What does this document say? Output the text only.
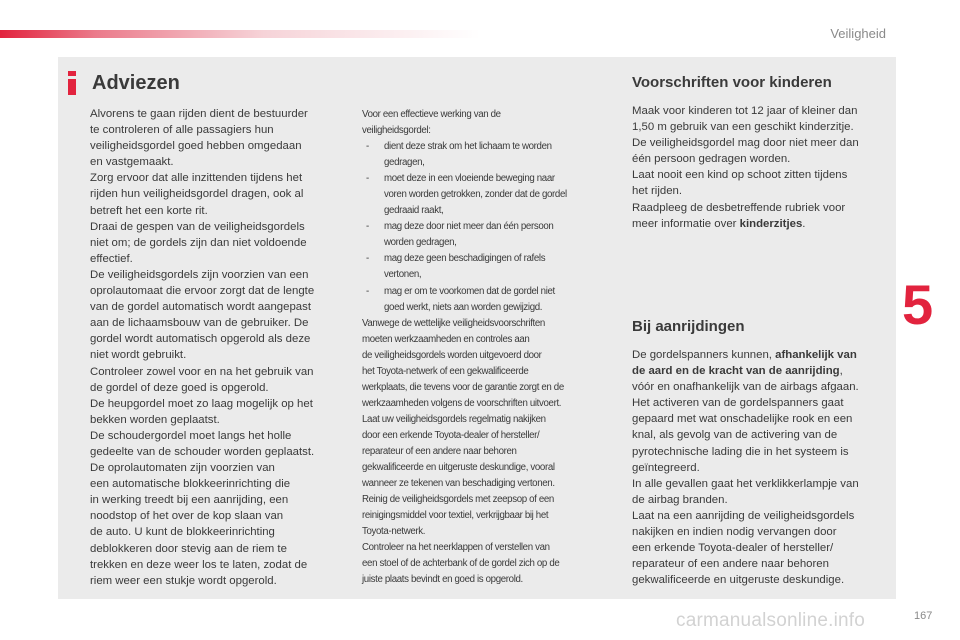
Veiligheid
Adviezen
Alvorens te gaan rijden dient de bestuurder
te controleren of alle passagiers hun
veiligheidsgordel goed hebben omgedaan
en vastgemaakt.
Zorg ervoor dat alle inzittenden tijdens het
rijden hun veiligheidsgordel dragen, ook al
betreft het een korte rit.
Draai de gespen van de veiligheidsgordels
niet om; de gordels zijn dan niet voldoende
effectief.
De veiligheidsgordels zijn voorzien van een
oprolautomaat die ervoor zorgt dat de lengte
van de gordel automatisch wordt aangepast
aan de lichaamsbouw van de gebruiker. De
gordel wordt automatisch opgerold als deze
niet wordt gebruikt.
Controleer zowel voor en na het gebruik van
de gordel of deze goed is opgerold.
De heupgordel moet zo laag mogelijk op het
bekken worden geplaatst.
De schoudergordel moet langs het holle
gedeelte van de schouder worden geplaatst.
De oprolautomaten zijn voorzien van
een automatische blokkeerinrichting die
in werking treedt bij een aanrijding, een
noodstop of het over de kop slaan van
de auto. U kunt de blokkeerinrichting
deblokkeren door stevig aan de riem te
trekken en deze weer los te laten, zodat de
riem weer een stukje wordt opgerold.
Voor een effectieve werking van de
veiligheidsgordel:
- dient deze strak om het lichaam te worden
gedragen,
- moet deze in een vloeiende beweging naar
voren worden getrokken, zonder dat de gordel
gedraaid raakt,
- mag deze door niet meer dan één persoon
worden gedragen,
- mag deze geen beschadigingen of rafels
vertonen,
- mag er om te voorkomen dat de gordel niet
goed werkt, niets aan worden gewijzigd.
Vanwege de wettelijke veiligheidsvoorschriften
moeten werkzaamheden en controles aan
de veiligheidsgordels worden uitgevoerd door
het Toyota-netwerk of een gekwalificeerde
werkplaats, die tevens voor de garantie zorgt en de
werkzaamheden volgens de voorschriften uitvoert.
Laat uw veiligheidsgordels regelmatig nakijken
door een erkende Toyota-dealer of hersteller/
reparateur of een andere naar behoren
gekwalificeerde en uitgeruste deskundige, vooral
wanneer ze tekenen van beschadiging vertonen.
Reinig de veiligheidsgordels met zeepsop of een
reinigingsmiddel voor textiel, verkrijgbaar bij het
Toyota-netwerk.
Controleer na het neerklappen of verstellen van
een stoel of de achterbank of de gordel zich op de
juiste plaats bevindt en goed is opgerold.
Voorschriften voor kinderen
Maak voor kinderen tot 12 jaar of kleiner dan
1,50 m gebruik van een geschikt kinderzitje.
De veiligheidsgordel mag door niet meer dan
één persoon gedragen worden.
Laat nooit een kind op schoot zitten tijdens
het rijden.
Raadpleeg de desbetreffende rubriek voor
meer informatie over kinderzitjes.
Bij aanrijdingen
De gordelspanners kunnen, afhankelijk van
de aard en de kracht van de aanrijding,
vóór en onafhankelijk van de airbags afgaan.
Het activeren van de gordelspanners gaat
gepaard met wat onschadelijke rook en een
knal, als gevolg van de activering van de
pyrotechnische lading die in het systeem is
geïntegreerd.
In alle gevallen gaat het verklikkerlampje van
de airbag branden.
Laat na een aanrijding de veiligheidsgordels
nakijken en indien nodig vervangen door
een erkende Toyota-dealer of hersteller/
reparateur of een andere naar behoren
gekwalificeerde en uitgeruste deskundige.
5
carmanualsonline.info	167
